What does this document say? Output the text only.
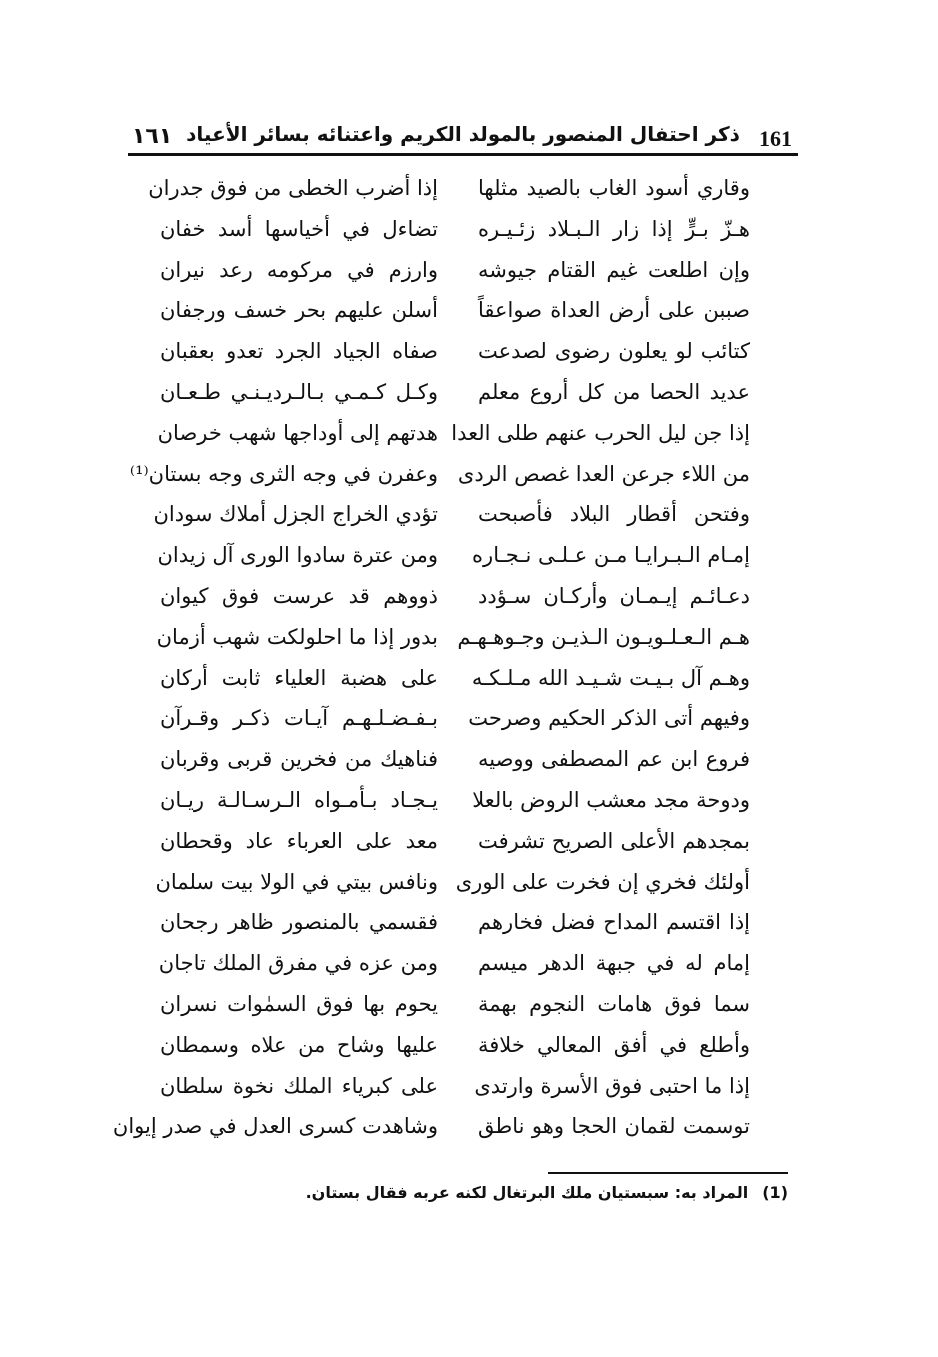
161
ذكر احتفال المنصور بالمولد الكريم واعتنائه بسائر الأعياد
١٦١
وقاري أسود الغاب بالصيد مثلها
هـزّ بـرٍّ إذا زار الـبـلاد زئـيـره
وإن اطلعت غيم القتام جيوشه
صببن على أرض العداة صواعقاً
كتائب لو يعلون رضوى لصدعت
عديد الحصا من كل أروع معلم
إذا جن ليل الحرب عنهم طلى العدا
من اللاء جرعن العدا غصص الردى
وفتحن أقطار البلاد فأصبحت
إمـام الـبـرايـا مـن عـلـى نـجـاره
دعـائـم إيـمـان وأركـان سـؤدد
هـم الـعـلـويـون الـذيـن وجـوهـهـم
وهـم آل بـيـت شـيـد الله مـلـكـه
وفيهم أتى الذكر الحكيم وصرحت
فروع ابن عم المصطفى ووصيه
ودوحة مجد معشب الروض بالعلا
بمجدهم الأعلى الصريح تشرفت
أولئك فخري إن فخرت على الورى
إذا اقتسم المداح فضل فخارهم
إمام له في جبهة الدهر ميسم
سما فوق هامات النجوم بهمة
وأطلع في أفق المعالي خلافة
إذا ما احتبى فوق الأسرة وارتدى
توسمت لقمان الحجا وهو ناطق
إذا أضرب الخطى من فوق جدران
تضاءل في أخياسها أسد خفان
وارزم في مركومه رعد نيران
أسلن عليهم بحر خسف ورجفان
صفاه الجياد الجرد تعدو بعقبان
وكـل كـمـي بـالـرديـنـي طـعـان
هدتهم إلى أوداجها شهب خرصان
وعفرن في وجه الثرى وجه بستان⁽¹⁾
تؤدي الخراج الجزل أملاك سودان
ومن عترة سادوا الورى آل زيدان
ذووهم قد عرست فوق كيوان
بدور إذا ما احلولكت شهب أزمان
على هضبة العلياء ثابت أركان
بـفـضـلـهـم آيـات ذكـر وقـرآن
فناهيك من فخرين قربى وقربان
يـجـاد بـأمـواه الـرسـالـة ريـان
معد على العرباء عاد وقحطان
ونافس بيتي في الولا بيت سلمان
فقسمي بالمنصور ظاهر رجحان
ومن عزه في مفرق الملك تاجان
يحوم بها فوق السمٰوات نسران
عليها وشاح من علاه وسمطان
على كبرياء الملك نخوة سلطان
وشاهدت كسرى العدل في صدر إيوان
(1)المراد به: سبستيان ملك البرتغال لكنه عربه فقال بستان.
